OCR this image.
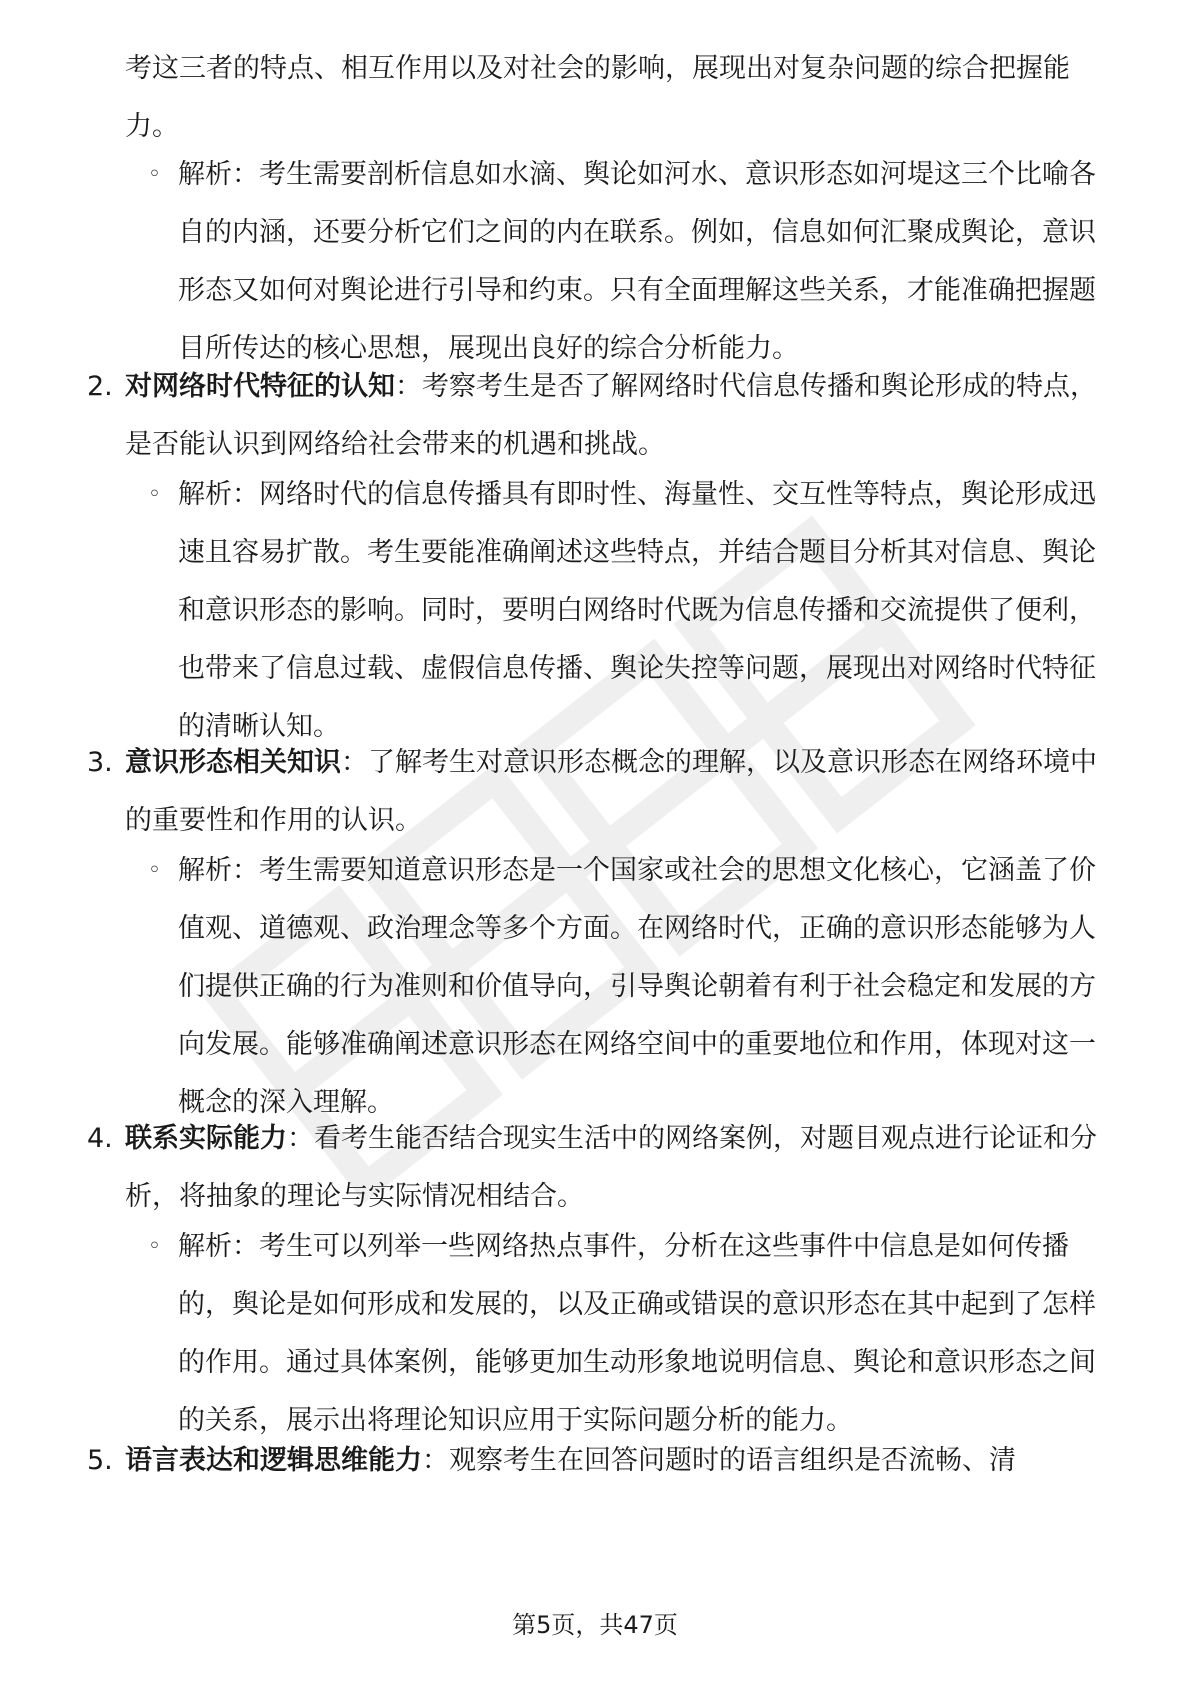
考这三者的特点、相互作用以及对社会的影响，展现出对复杂问题的综合把握能力。

◦ 解析：考生需要剖析信息如水滴、舆论如河水、意识形态如河堤这三个比喻各自的内涵，还要分析它们之间的内在联系。例如，信息如何汇聚成舆论，意识形态又如何对舆论进行引导和约束。只有全面理解这些关系，才能准确把握题目所传达的核心思想，展现出良好的综合分析能力。

2. 对网络时代特征的认知：考察考生是否了解网络时代信息传播和舆论形成的特点，是否能认识到网络给社会带来的机遇和挑战。

◦ 解析：网络时代的信息传播具有即时性、海量性、交互性等特点，舆论形成迅速且容易扩散。考生要能准确阐述这些特点，并结合题目分析其对信息、舆论和意识形态的影响。同时，要明白网络时代既为信息传播和交流提供了便利，也带来了信息过载、虚假信息传播、舆论失控等问题，展现出对网络时代特征的清晰认知。

3. 意识形态相关知识：了解考生对意识形态概念的理解，以及意识形态在网络环境中的重要性和作用的认识。

◦ 解析：考生需要知道意识形态是一个国家或社会的思想文化核心，它涵盖了价值观、道德观、政治理念等多个方面。在网络时代，正确的意识形态能够为人们提供正确的行为准则和价值导向，引导舆论朝着有利于社会稳定和发展的方向发展。能够准确阐述意识形态在网络空间中的重要地位和作用，体现对这一概念的深入理解。

4. 联系实际能力：看考生能否结合现实生活中的网络案例，对题目观点进行论证和分析，将抽象的理论与实际情况相结合。

◦ 解析：考生可以列举一些网络热点事件，分析在这些事件中信息是如何传播的，舆论是如何形成和发展的，以及正确或错误的意识形态在其中起到了怎样的作用。通过具体案例，能够更加生动形象地说明信息、舆论和意识形态之间的关系，展示出将理论知识应用于实际问题分析的能力。

5. 语言表达和逻辑思维能力：观察考生在回答问题时的语言组织是否流畅、清

第5页，共47页
